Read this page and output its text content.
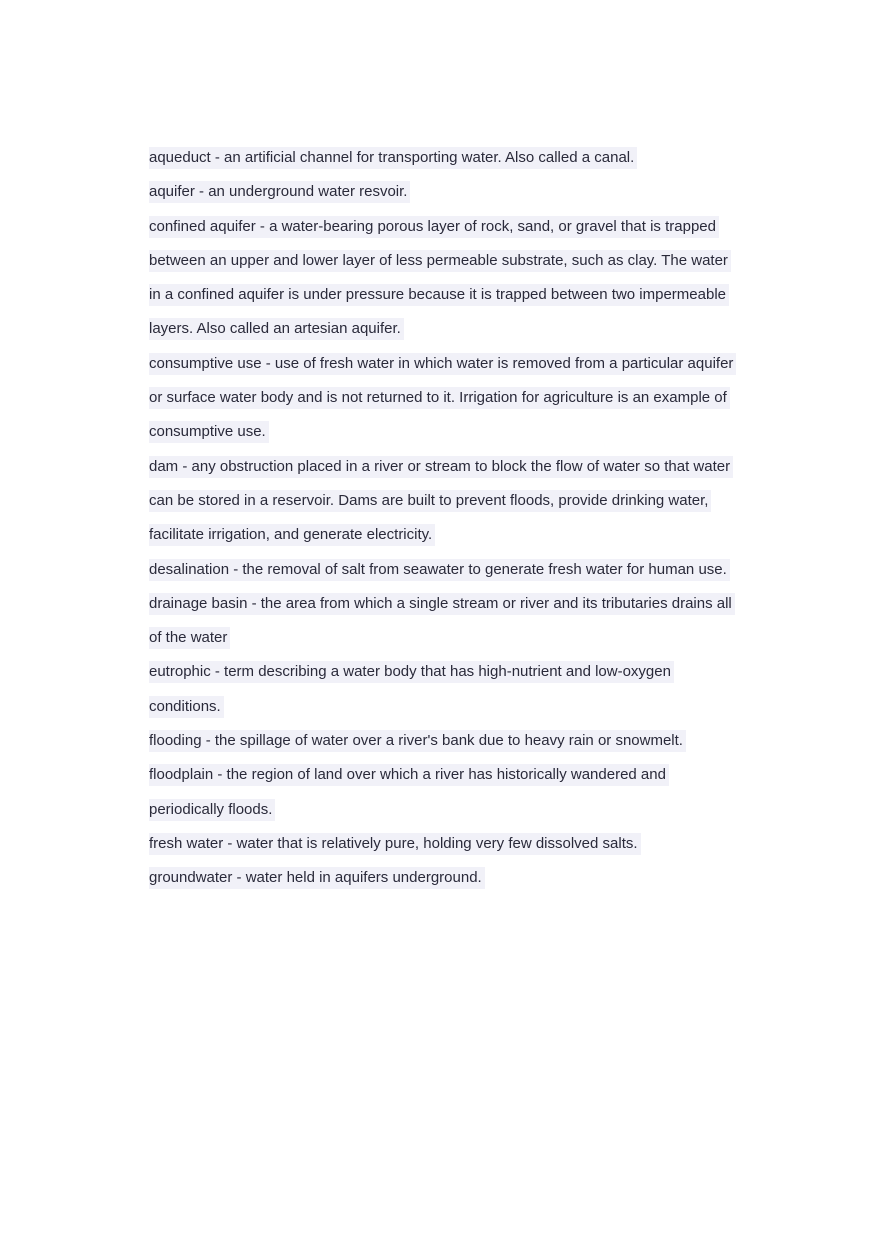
aqueduct - an artificial channel for transporting water. Also called a canal.
aquifer - an underground water resvoir.
confined aquifer - a water-bearing porous layer of rock, sand, or gravel that is trapped
between an upper and lower layer of less permeable substrate, such as clay. The water
in a confined aquifer is under pressure because it is trapped between two impermeable
layers. Also called an artesian aquifer.
consumptive use - use of fresh water in which water is removed from a particular aquifer
or surface water body and is not returned to it. Irrigation for agriculture is an example of
consumptive use.
dam - any obstruction placed in a river or stream to block the flow of water so that water
can be stored in a reservoir. Dams are built to prevent floods, provide drinking water,
facilitate irrigation, and generate electricity.
desalination - the removal of salt from seawater to generate fresh water for human use.
drainage basin - the area from which a single stream or river and its tributaries drains all
of the water
eutrophic - term describing a water body that has high-nutrient and low-oxygen
conditions.
flooding - the spillage of water over a river's bank due to heavy rain or snowmelt.
floodplain - the region of land over which a river has historically wandered and
periodically floods.
fresh water - water that is relatively pure, holding very few dissolved salts.
groundwater - water held in aquifers underground.
